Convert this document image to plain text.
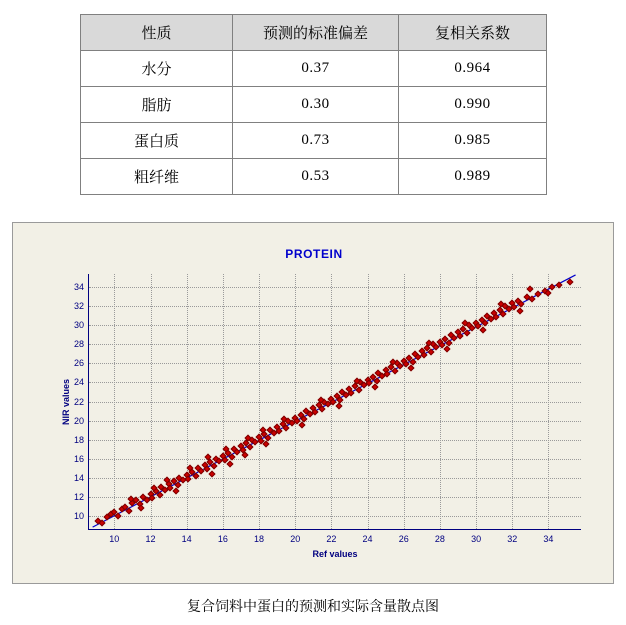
性质	预测的标准偏差	复相关系数
水分	0.37	0.964
脂肪	0.30	0.990
蛋白质	0.73	0.985
粗纤维	0.53	0.989
PROTEIN
NIR values
Ref values
10	12	14	16	18	20	22	24	26	28	30	32	34
10
12
14
16
18
20
22
24
26
28
30
32
34
复合饲料中蛋白的预测和实际含量散点图
